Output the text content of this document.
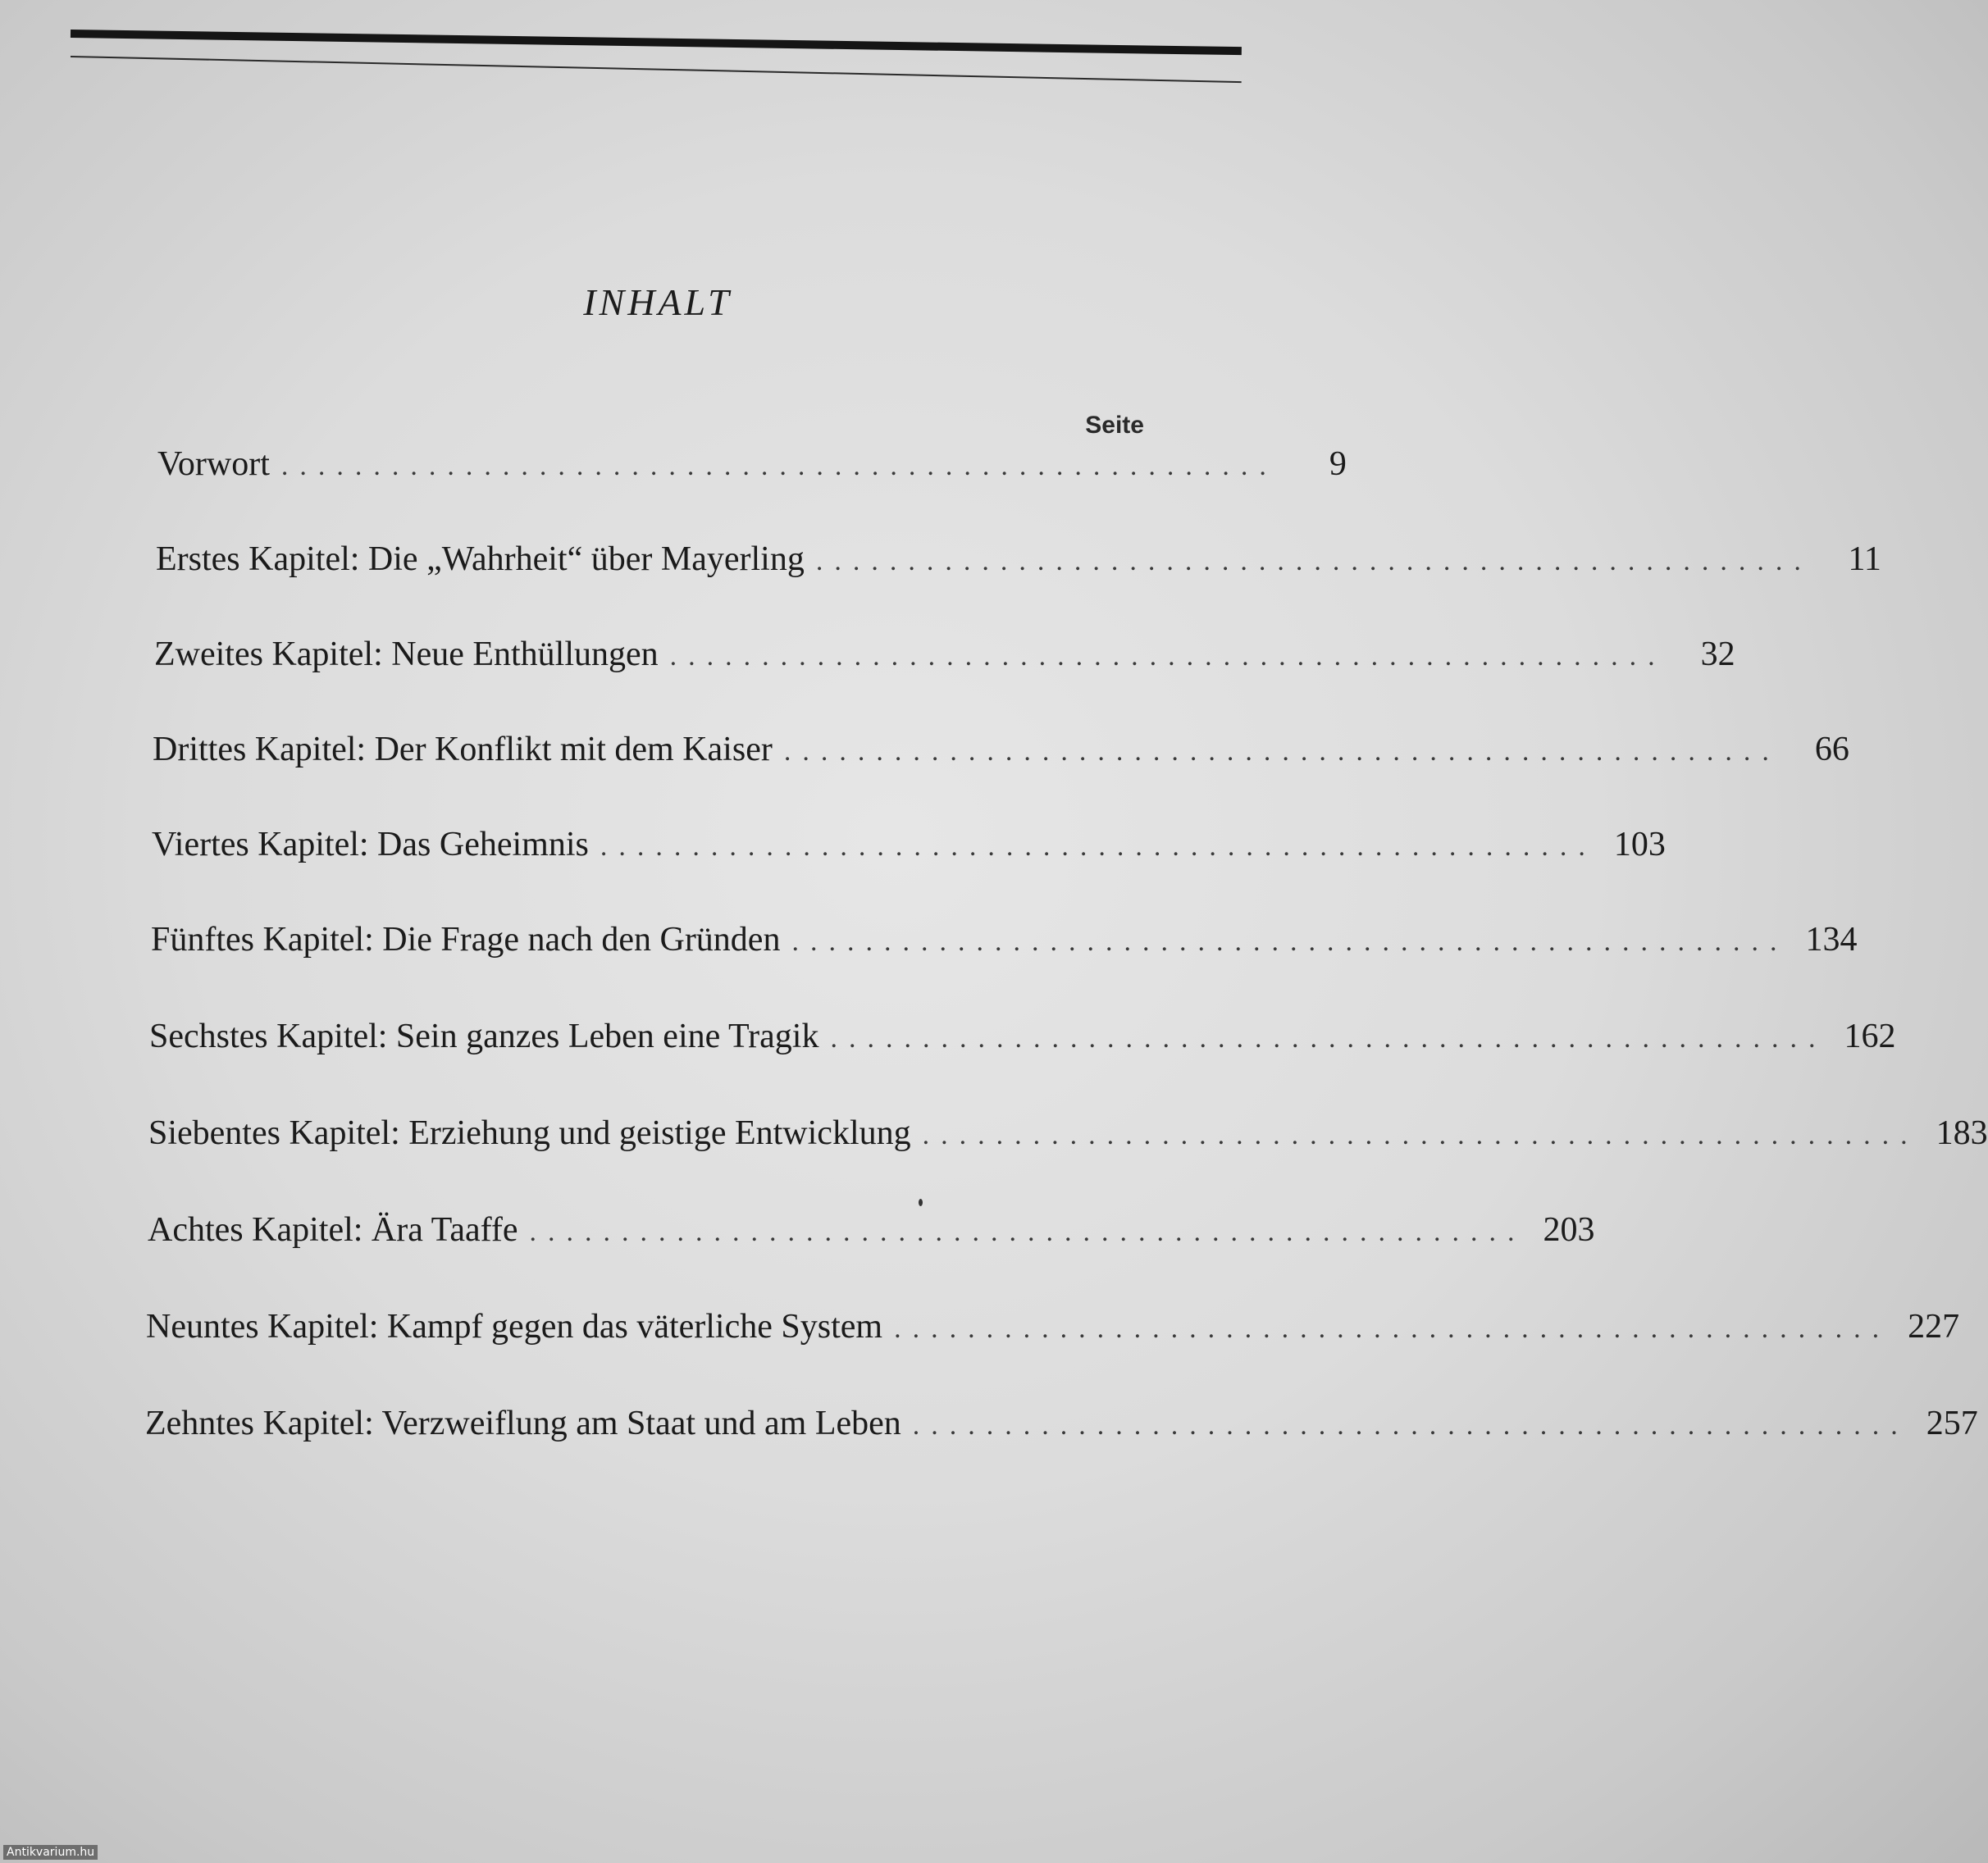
INHALT
Seite
Vorwort ......................................................	9
Erstes Kapitel: Die „Wahrheit“ über Mayerling ......................................................	11
Zweites Kapitel: Neue Enthüllungen ......................................................	32
Drittes Kapitel: Der Konflikt mit dem Kaiser ......................................................	66
Viertes Kapitel: Das Geheimnis ...................................................... 103
Fünftes Kapitel: Die Frage nach den Gründen ...................................................... 134
Sechstes Kapitel: Sein ganzes Leben eine Tragik ...................................................... 162
Siebentes Kapitel: Erziehung und geistige Entwicklung ...................................................... 183
Achtes Kapitel: Ära Taaffe ...................................................... 203
Neuntes Kapitel: Kampf gegen das väterliche System ...................................................... 227
Zehntes Kapitel: Verzweiflung am Staat und am Leben ...................................................... 257
Antikvarium.hu
